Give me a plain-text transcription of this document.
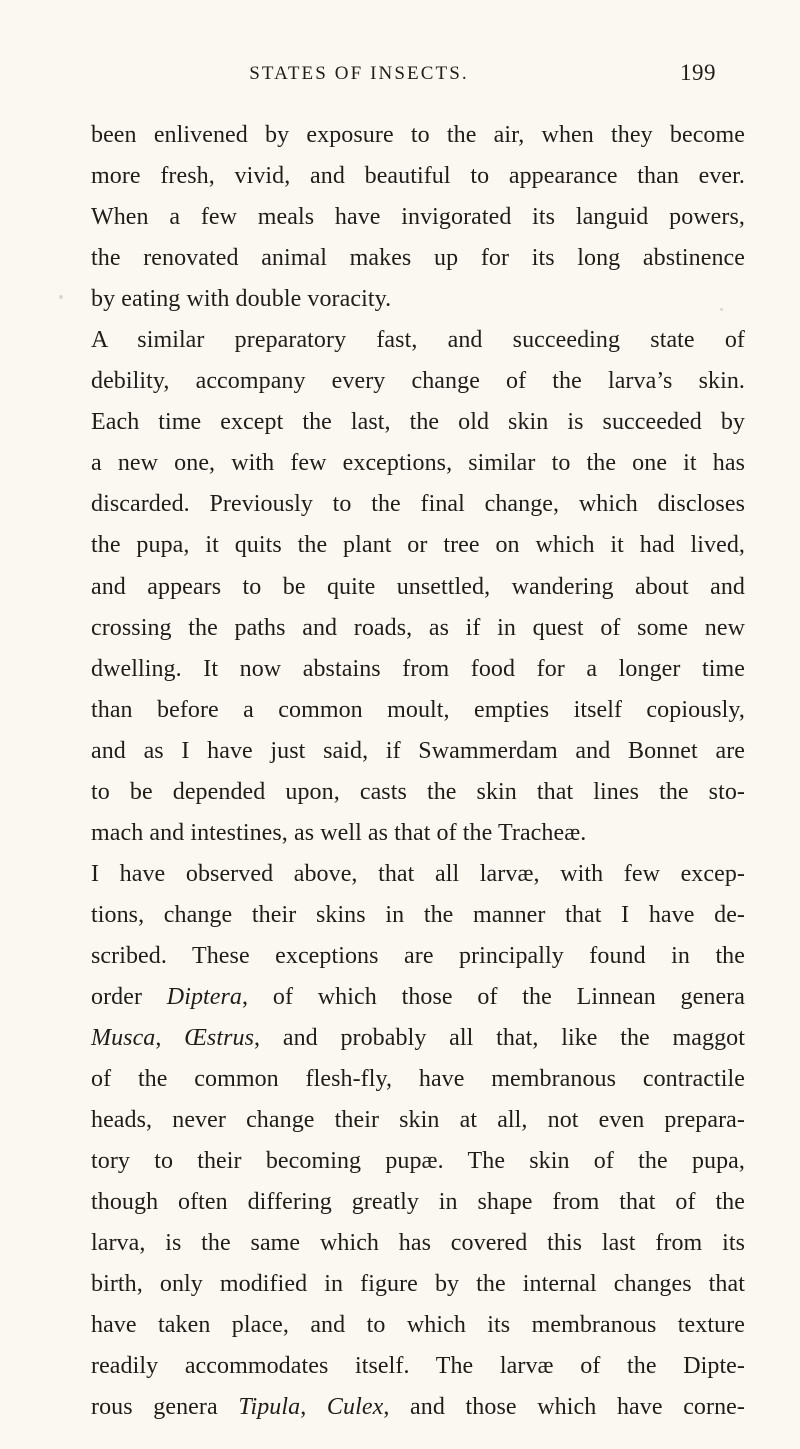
STATES OF INSECTS.	199
been enlivened by exposure to the air, when they become
more fresh, vivid, and beautiful to appearance than ever.
When a few meals have invigorated its languid powers,
the renovated animal makes up for its long abstinence
by eating with double voracity.
A similar preparatory fast, and succeeding state of
debility, accompany every change of the larva’s skin.
Each time except the last, the old skin is succeeded by
a new one, with few exceptions, similar to the one it has
discarded. Previously to the final change, which discloses
the pupa, it quits the plant or tree on which it had lived,
and appears to be quite unsettled, wandering about and
crossing the paths and roads, as if in quest of some new
dwelling. It now abstains from food for a longer time
than before a common moult, empties itself copiously,
and as I have just said, if Swammerdam and Bonnet are
to be depended upon, casts the skin that lines the sto-
mach and intestines, as well as that of the Tracheæ.
I have observed above, that all larvæ, with few excep-
tions, change their skins in the manner that I have de-
scribed. These exceptions are principally found in the
order Diptera, of which those of the Linnean genera
Musca, Œstrus, and probably all that, like the maggot
of the common flesh-fly, have membranous contractile
heads, never change their skin at all, not even prepara-
tory to their becoming pupæ. The skin of the pupa,
though often differing greatly in shape from that of the
larva, is the same which has covered this last from its
birth, only modified in figure by the internal changes that
have taken place, and to which its membranous texture
readily accommodates itself. The larvæ of the Dipte-
rous genera Tipula, Culex, and those which have corne-
